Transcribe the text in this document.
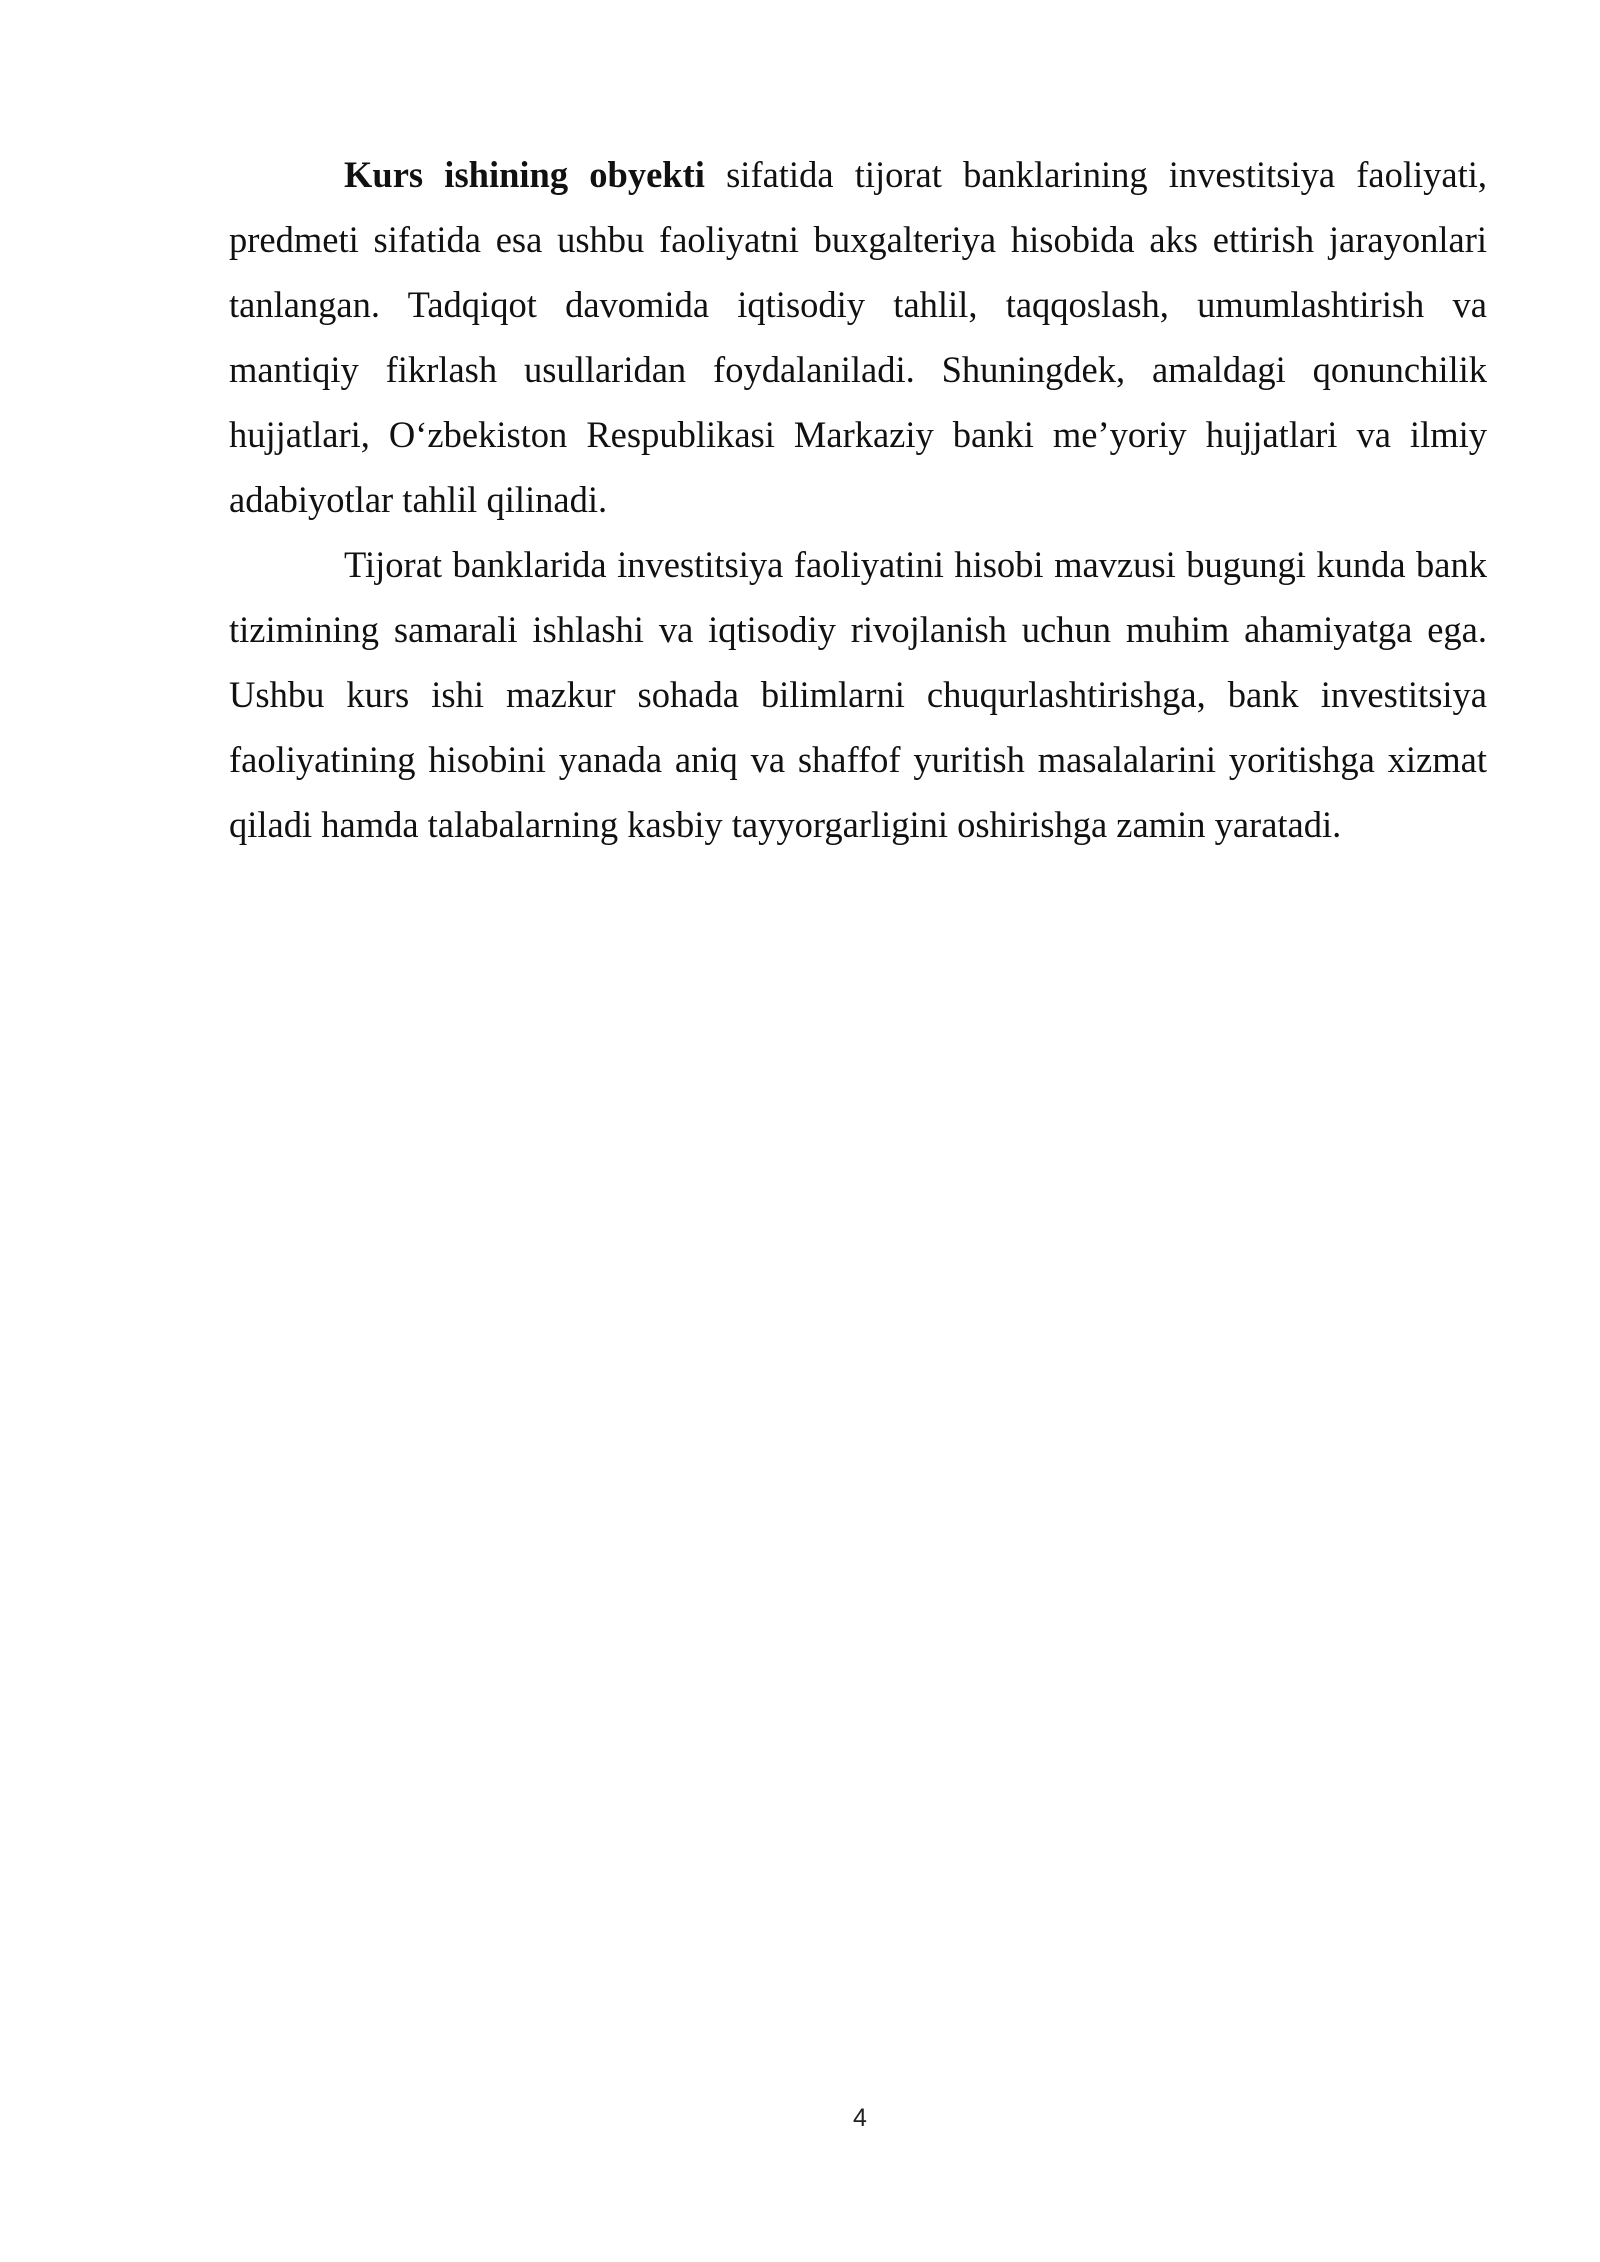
Kurs ishining obyekti sifatida tijorat banklarining investitsiya faoliyati, predmeti sifatida esa ushbu faoliyatni buxgalteriya hisobida aks ettirish jarayonlari tanlangan. Tadqiqot davomida iqtisodiy tahlil, taqqoslash, umumlashtirish va mantiqiy fikrlash usullaridan foydalaniladi. Shuningdek, amaldagi qonunchilik hujjatlari, O‘zbekiston Respublikasi Markaziy banki me’yoriy hujjatlari va ilmiy adabiyotlar tahlil qilinadi.

Tijorat banklarida investitsiya faoliyatini hisobi mavzusi bugungi kunda bank tizimining samarali ishlashi va iqtisodiy rivojlanish uchun muhim ahamiyatga ega. Ushbu kurs ishi mazkur sohada bilimlarni chuqurlashtirishga, bank investitsiya faoliyatining hisobini yanada aniq va shaffof yuritish masalalarini yoritishga xizmat qiladi hamda talabalarning kasbiy tayyorgarligini oshirishga zamin yaratadi.

4
